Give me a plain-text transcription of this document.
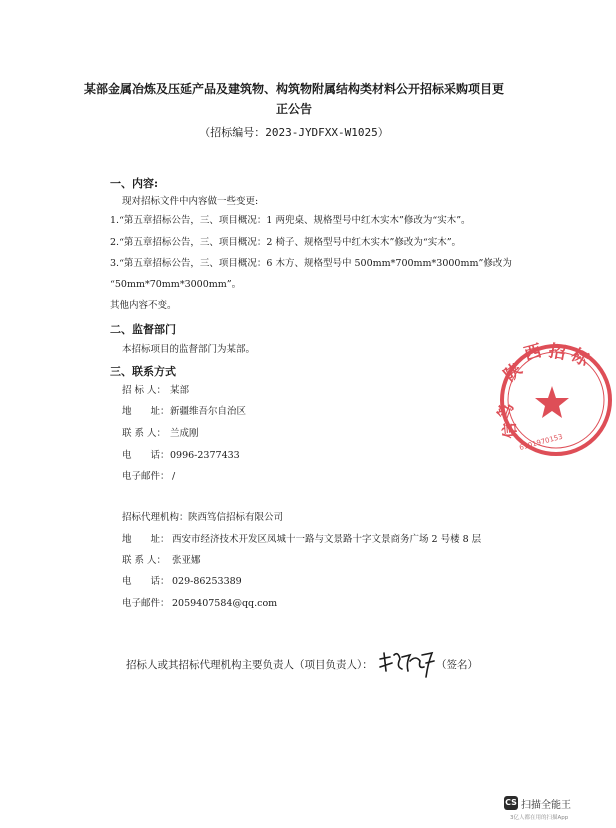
某部金属冶炼及压延产品及建筑物、构筑物附属结构类材料公开招标采购项目更
正公告
（招标编号：2023-JYDFXX-W1025）
一、内容:
现对招标文件中内容做一些变更:
1.“第五章招标公告，三、项目概况：1 两兜桌、规格型号中红木实木”修改为“实木”。
2.“第五章招标公告，三、项目概况：2 椅子、规格型号中红木实木”修改为“实木”。
3.“第五章招标公告，三、项目概况：6 木方、规格型号中 500mm*700mm*3000mm”修改为
“50mm*70mm*3000mm”。
其他内容不变。
二、监督部门
本招标项目的监督部门为某部。
三、联系方式
招 标 人： 某部
地　　址： 新疆维吾尔自治区
联 系 人： 兰成刚
电　　话： 0996-2377433
电子邮件： /
招标代理机构： 陕西笃信招标有限公司
地　　址： 西安市经济技术开发区凤城十一路与文景路十字文景商务广场 2 号楼 8 层
联 系 人： 张亚娜
电　　话： 029-86253389
电子邮件： 2059407584@qq.com
招标人或其招标代理机构主要负责人（项目负责人）：	（签名）
陕
西
笃
信
招 标
6101970153
CS 扫描全能王
3亿人都在用的扫描App
